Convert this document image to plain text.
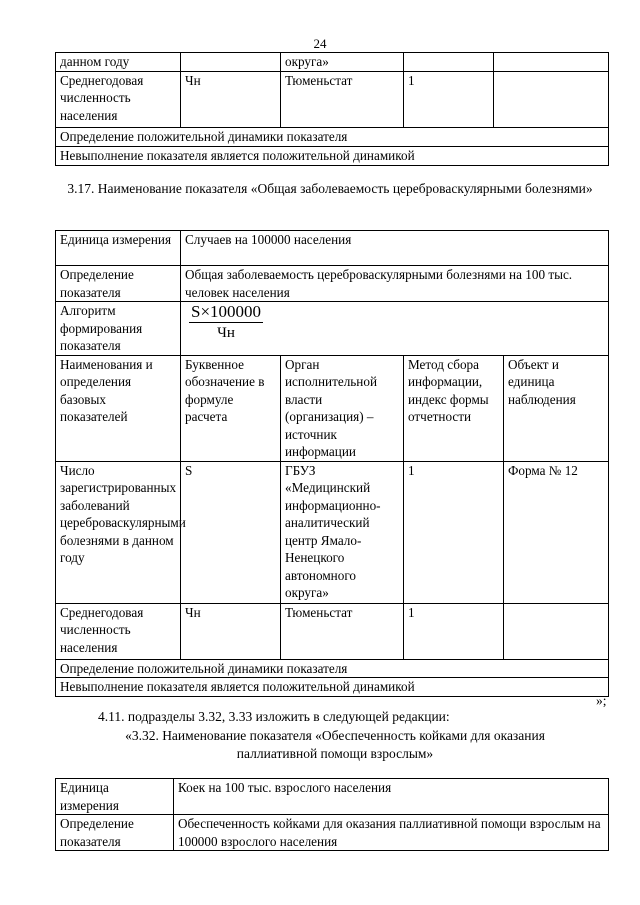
24
данном году		округа»		
Среднегодовая численность населения	Чн	Тюменьстат	1	
Определение положительной динамики показателя				
Невыполнение показателя является положительной динамикой				
3.17. Наименование показателя «Общая заболеваемость цереброваскулярными болезнями»
Единица измерения	Случаев на 100000 населения			
Определение показателя	Общая заболеваемость цереброваскулярными болезнями на 100 тыс. человек населения			
Алгоритм формирования показателя	$\frac{S\times 100000}{Чн}$

Наименования и определения базовых показателей	Буквенное обозначение в формуле расчета	Орган исполнительной власти (организация) – источник информации	Метод сбора информации, индекс формы отчетности	Объект и единица наблюдения
Число зарегистрированных заболеваний цереброваскулярными болезнями в данном году	S	ГБУЗ «Медицинский информационно-аналитический центр Ямало-Ненецкого автономного округа»	1	Форма № 12
Среднегодовая численность населения	Чн	Тюменьстат	1	
Определение положительной динамики показателя				
Невыполнение показателя является положительной динамикой				
»;
4.11. подразделы 3.32, 3.33 изложить в следующей редакции:
«3.32. Наименование показателя «Обеспеченность койками для оказания паллиативной помощи взрослым»
Единица измерения	Коек на 100 тыс. взрослого населения
Определение показателя	Обеспеченность койками для оказания паллиативной помощи взрослым на 100000 взрослого населения
